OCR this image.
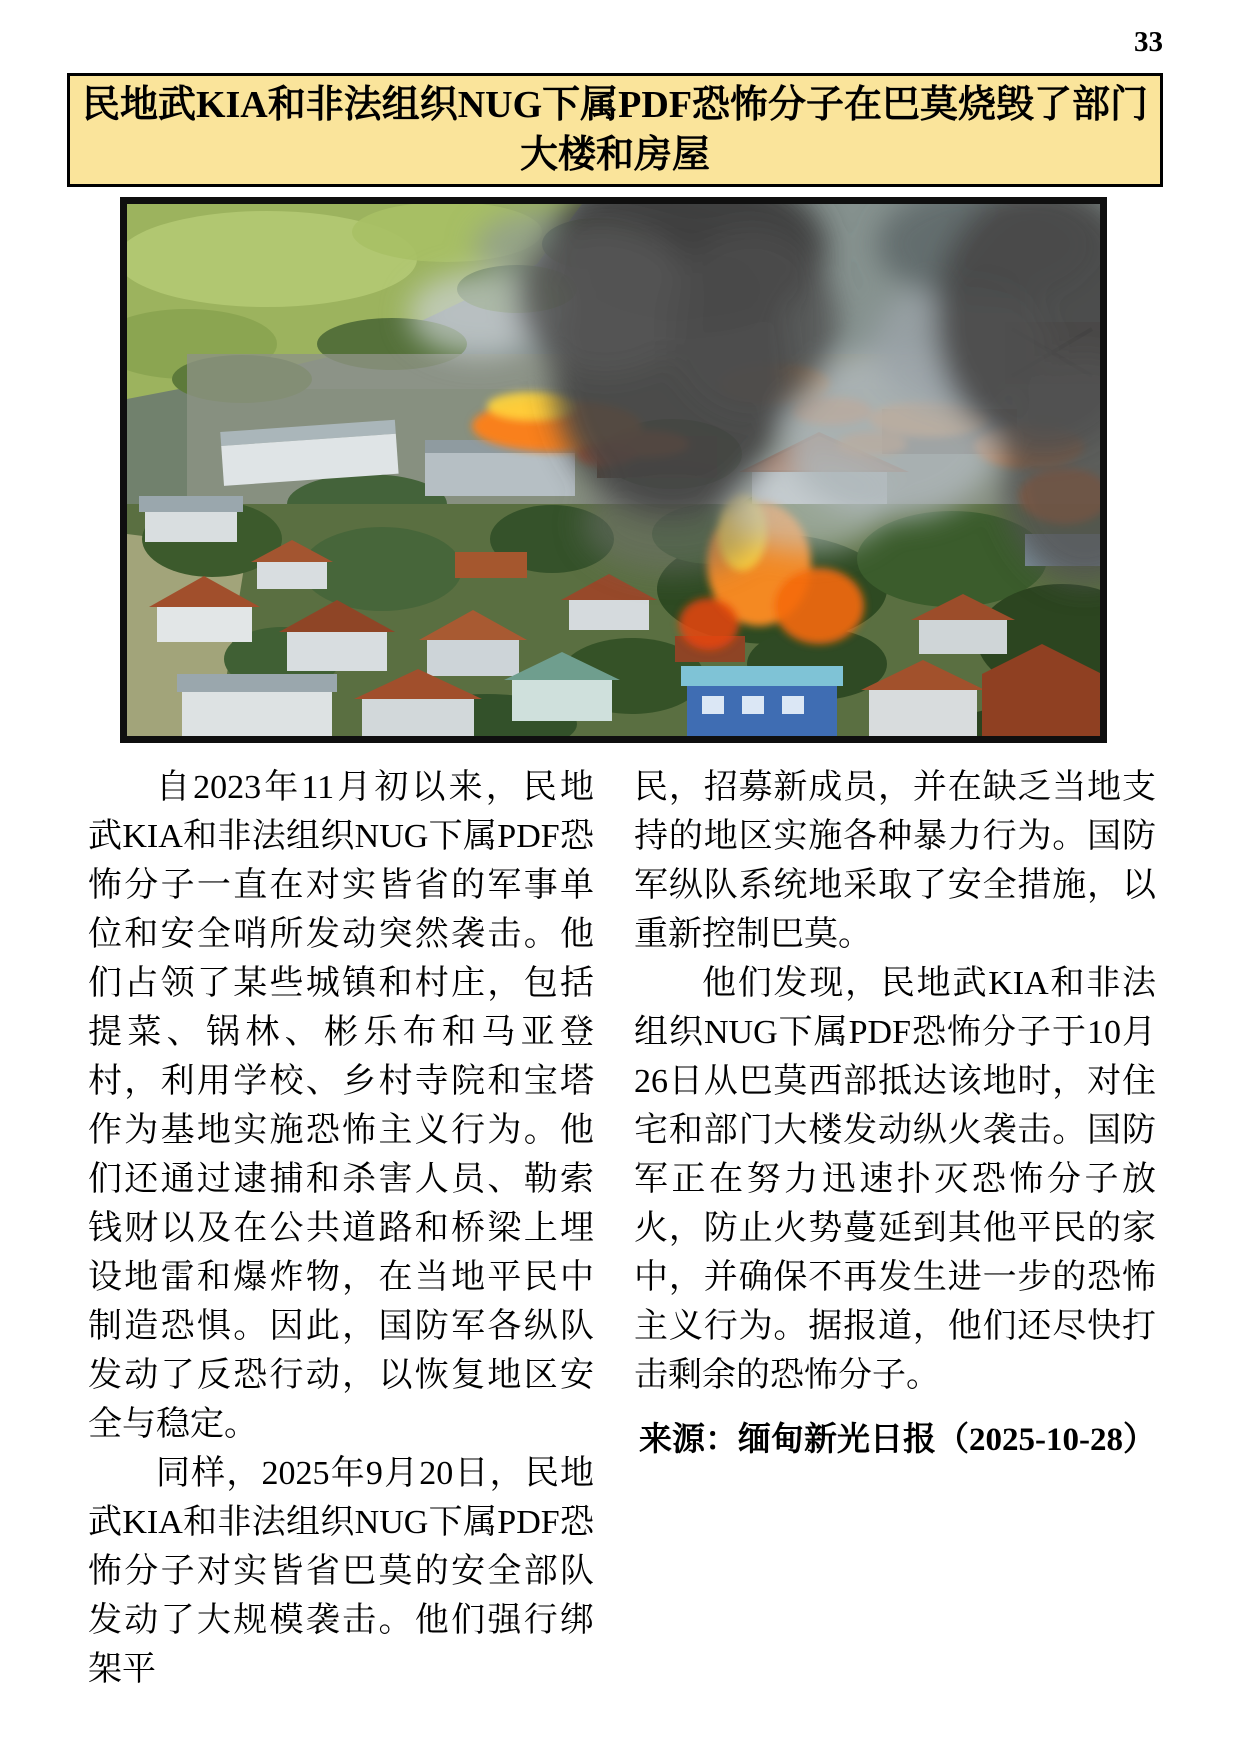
33
民地武KIA和非法组织NUG下属PDF恐怖分子在巴莫烧毁了部门大楼和房屋

自2023年11月初以来，民地武KIA和非法组织NUG下属PDF恐怖分子一直在对实皆省的军事单位和安全哨所发动突然袭击。他们占领了某些城镇和村庄，包括提菜、锅林、彬乐布和马亚登村，利用学校、乡村寺院和宝塔作为基地实施恐怖主义行为。他们还通过逮捕和杀害人员、勒索钱财以及在公共道路和桥梁上埋设地雷和爆炸物，在当地平民中制造恐惧。因此，国防军各纵队发动了反恐行动，以恢复地区安全与稳定。

同样，2025年9月20日，民地武KIA和非法组织NUG下属PDF恐怖分子对实皆省巴莫的安全部队发动了大规模袭击。他们强行绑架平

民，招募新成员，并在缺乏当地支持的地区实施各种暴力行为。国防军纵队系统地采取了安全措施，以重新控制巴莫。

他们发现，民地武KIA和非法组织NUG下属PDF恐怖分子于10月26日从巴莫西部抵达该地时，对住宅和部门大楼发动纵火袭击。国防军正在努力迅速扑灭恐怖分子放火，防止火势蔓延到其他平民的家中，并确保不再发生进一步的恐怖主义行为。据报道，他们还尽快打击剩余的恐怖分子。

来源：缅甸新光日报（2025-10-28）
